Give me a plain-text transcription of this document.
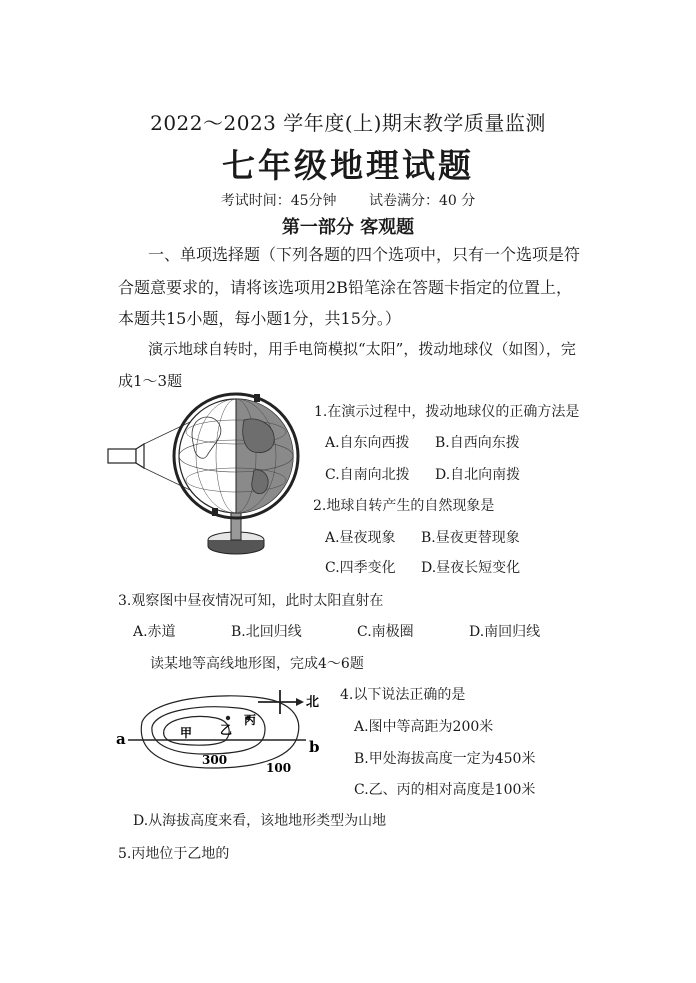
2022～2023 学年度(上)期末教学质量监测
七年级地理试题
考试时间：45分钟 试卷满分：40 分
第一部分 客观题
一、单项选择题（下列各题的四个选项中，只有一个选项是符
合题意要求的，请将该选项用2B铅笔涂在答题卡指定的位置上，
本题共15小题，每小题1分，共15分。）
演示地球自转时，用手电筒模拟“太阳”，拨动地球仪（如图），完
成1～3题
1.在演示过程中，拨动地球仪的正确方法是
A.自东向西拨 B.自西向东拨
C.自南向北拨 D.自北向南拨
2.地球自转产生的自然现象是
A.昼夜现象 B.昼夜更替现象
C.四季变化 D.昼夜长短变化
3.观察图中昼夜情况可知，此时太阳直射在
A.赤道	B.北回归线	C.南极圈	D.南回归线
读某地等高线地形图，完成4～6题
北
a	b
甲 乙
丙
300
100
4.以下说法正确的是
A.图中等高距为200米
B.甲处海拔高度一定为450米
C.乙、丙的相对高度是100米
D.从海拔高度来看，该地地形类型为山地
5.丙地位于乙地的
